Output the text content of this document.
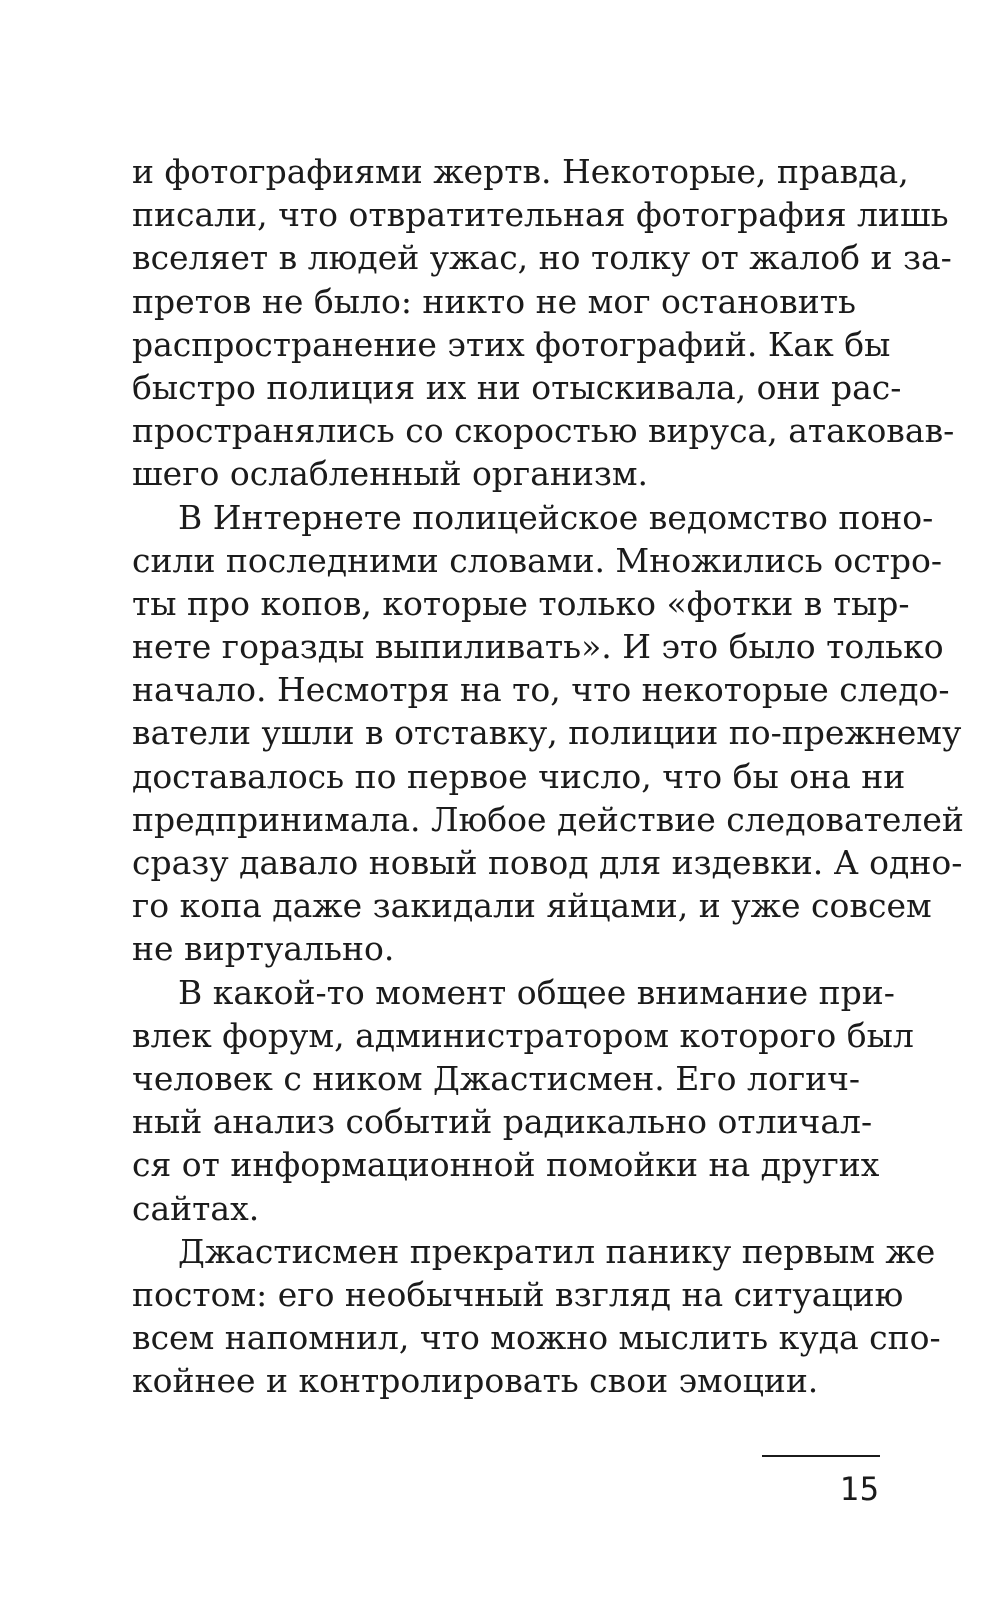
и фотографиями жертв. Некоторые, правда,
писали, что отвратительная фотография лишь
вселяет в людей ужас, но толку от жалоб и за-
претов не было: никто не мог остановить
распространение этих фотографий. Как бы
быстро полиция их ни отыскивала, они рас-
пространялись со скоростью вируса, атаковав-
шего ослабленный организм.
В Интернете полицейское ведомство поно-
сили последними словами. Множились остро-
ты про копов, которые только «фотки в тыр-
нете горазды выпиливать». И это было только
начало. Несмотря на то, что некоторые следо-
ватели ушли в отставку, полиции по-прежнему
доставалось по первое число, что бы она ни
предпринимала. Любое действие следователей
сразу давало новый повод для издевки. А одно-
го копа даже закидали яйцами, и уже совсем
не виртуально.
В какой-то момент общее внимание при-
влек форум, администратором которого был
человек с ником Джастисмен. Его логич-
ный анализ событий радикально отличал-
ся от информационной помойки на других
сайтах.
Джастисмен прекратил панику первым же
постом: его необычный взгляд на ситуацию
всем напомнил, что можно мыслить куда спо-
койнее и контролировать свои эмоции.
15
